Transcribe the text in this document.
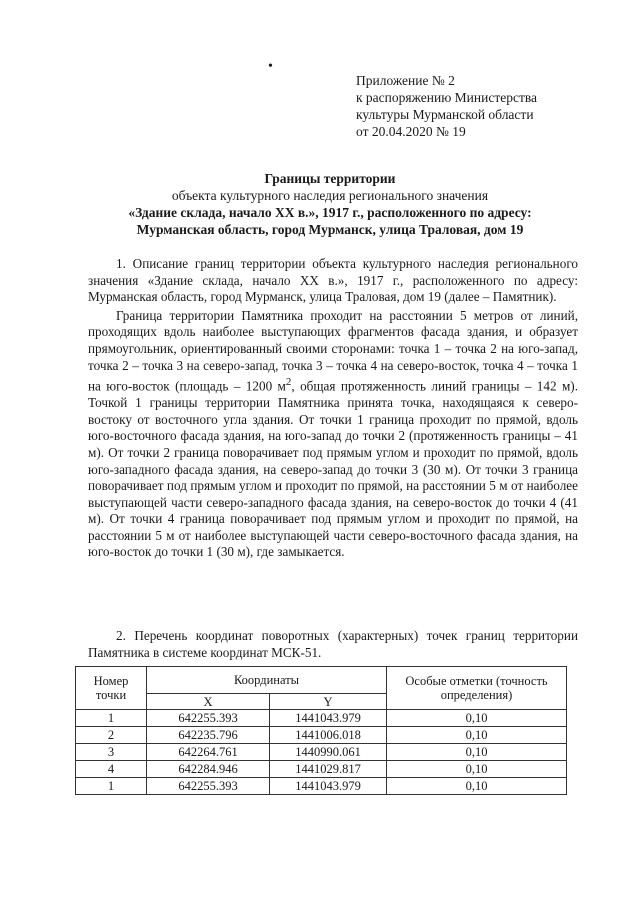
•
Приложение № 2
к распоряжению Министерства
культуры Мурманской области
от 20.04.2020 № 19
Границы территории
объекта культурного наследия регионального значения
«Здание склада, начало XX в.», 1917 г., расположенного по адресу:
Мурманская область, город Мурманск, улица Траловая, дом 19

1. Описание границ территории объекта культурного наследия регионального значения «Здание склада, начало XX в.», 1917 г., расположенного по адресу: Мурманская область, город Мурманск, улица Траловая, дом 19 (далее – Памятник).

Граница территории Памятника проходит на расстоянии 5 метров от линий, проходящих вдоль наиболее выступающих фрагментов фасада здания, и образует прямоугольник, ориентированный своими сторонами: точка 1 – точка 2 на юго-запад, точка 2 – точка 3 на северо-запад, точка 3 – точка 4 на северо-восток, точка 4 – точка 1 на юго-восток (площадь – 1200 $м^2$, общая протяженность линий границы – 142 м). Точкой 1 границы территории Памятника принята точка, находящаяся к северо-востоку от восточного угла здания. От точки 1 граница проходит по прямой, вдоль юго-восточного фасада здания, на юго-запад до точки 2 (протяженность границы – 41 м). От точки 2 граница поворачивает под прямым углом и проходит по прямой, вдоль юго-западного фасада здания, на северо-запад до точки 3 (30 м). От точки 3 граница поворачивает под прямым углом и проходит по прямой, на расстоянии 5 м от наиболее выступающей части северо-западного фасада здания, на северо-восток до точки 4 (41 м). От точки 4 граница поворачивает под прямым углом и проходит по прямой, на расстоянии 5 м от наиболее выступающей части северо-восточного фасада здания, на юго-восток до точки 1 (30 м), где замыкается.

2. Перечень координат поворотных (характерных) точек границ территории Памятника в системе координат МСК-51.

Номер точки	Координаты		Особые отметки (точность определения)
	X	Y	
1	642255.393	1441043.979	0,10
2	642235.796	1441006.018	0,10
3	642264.761	1440990.061	0,10
4	642284.946	1441029.817	0,10
1	642255.393	1441043.979	0,10
